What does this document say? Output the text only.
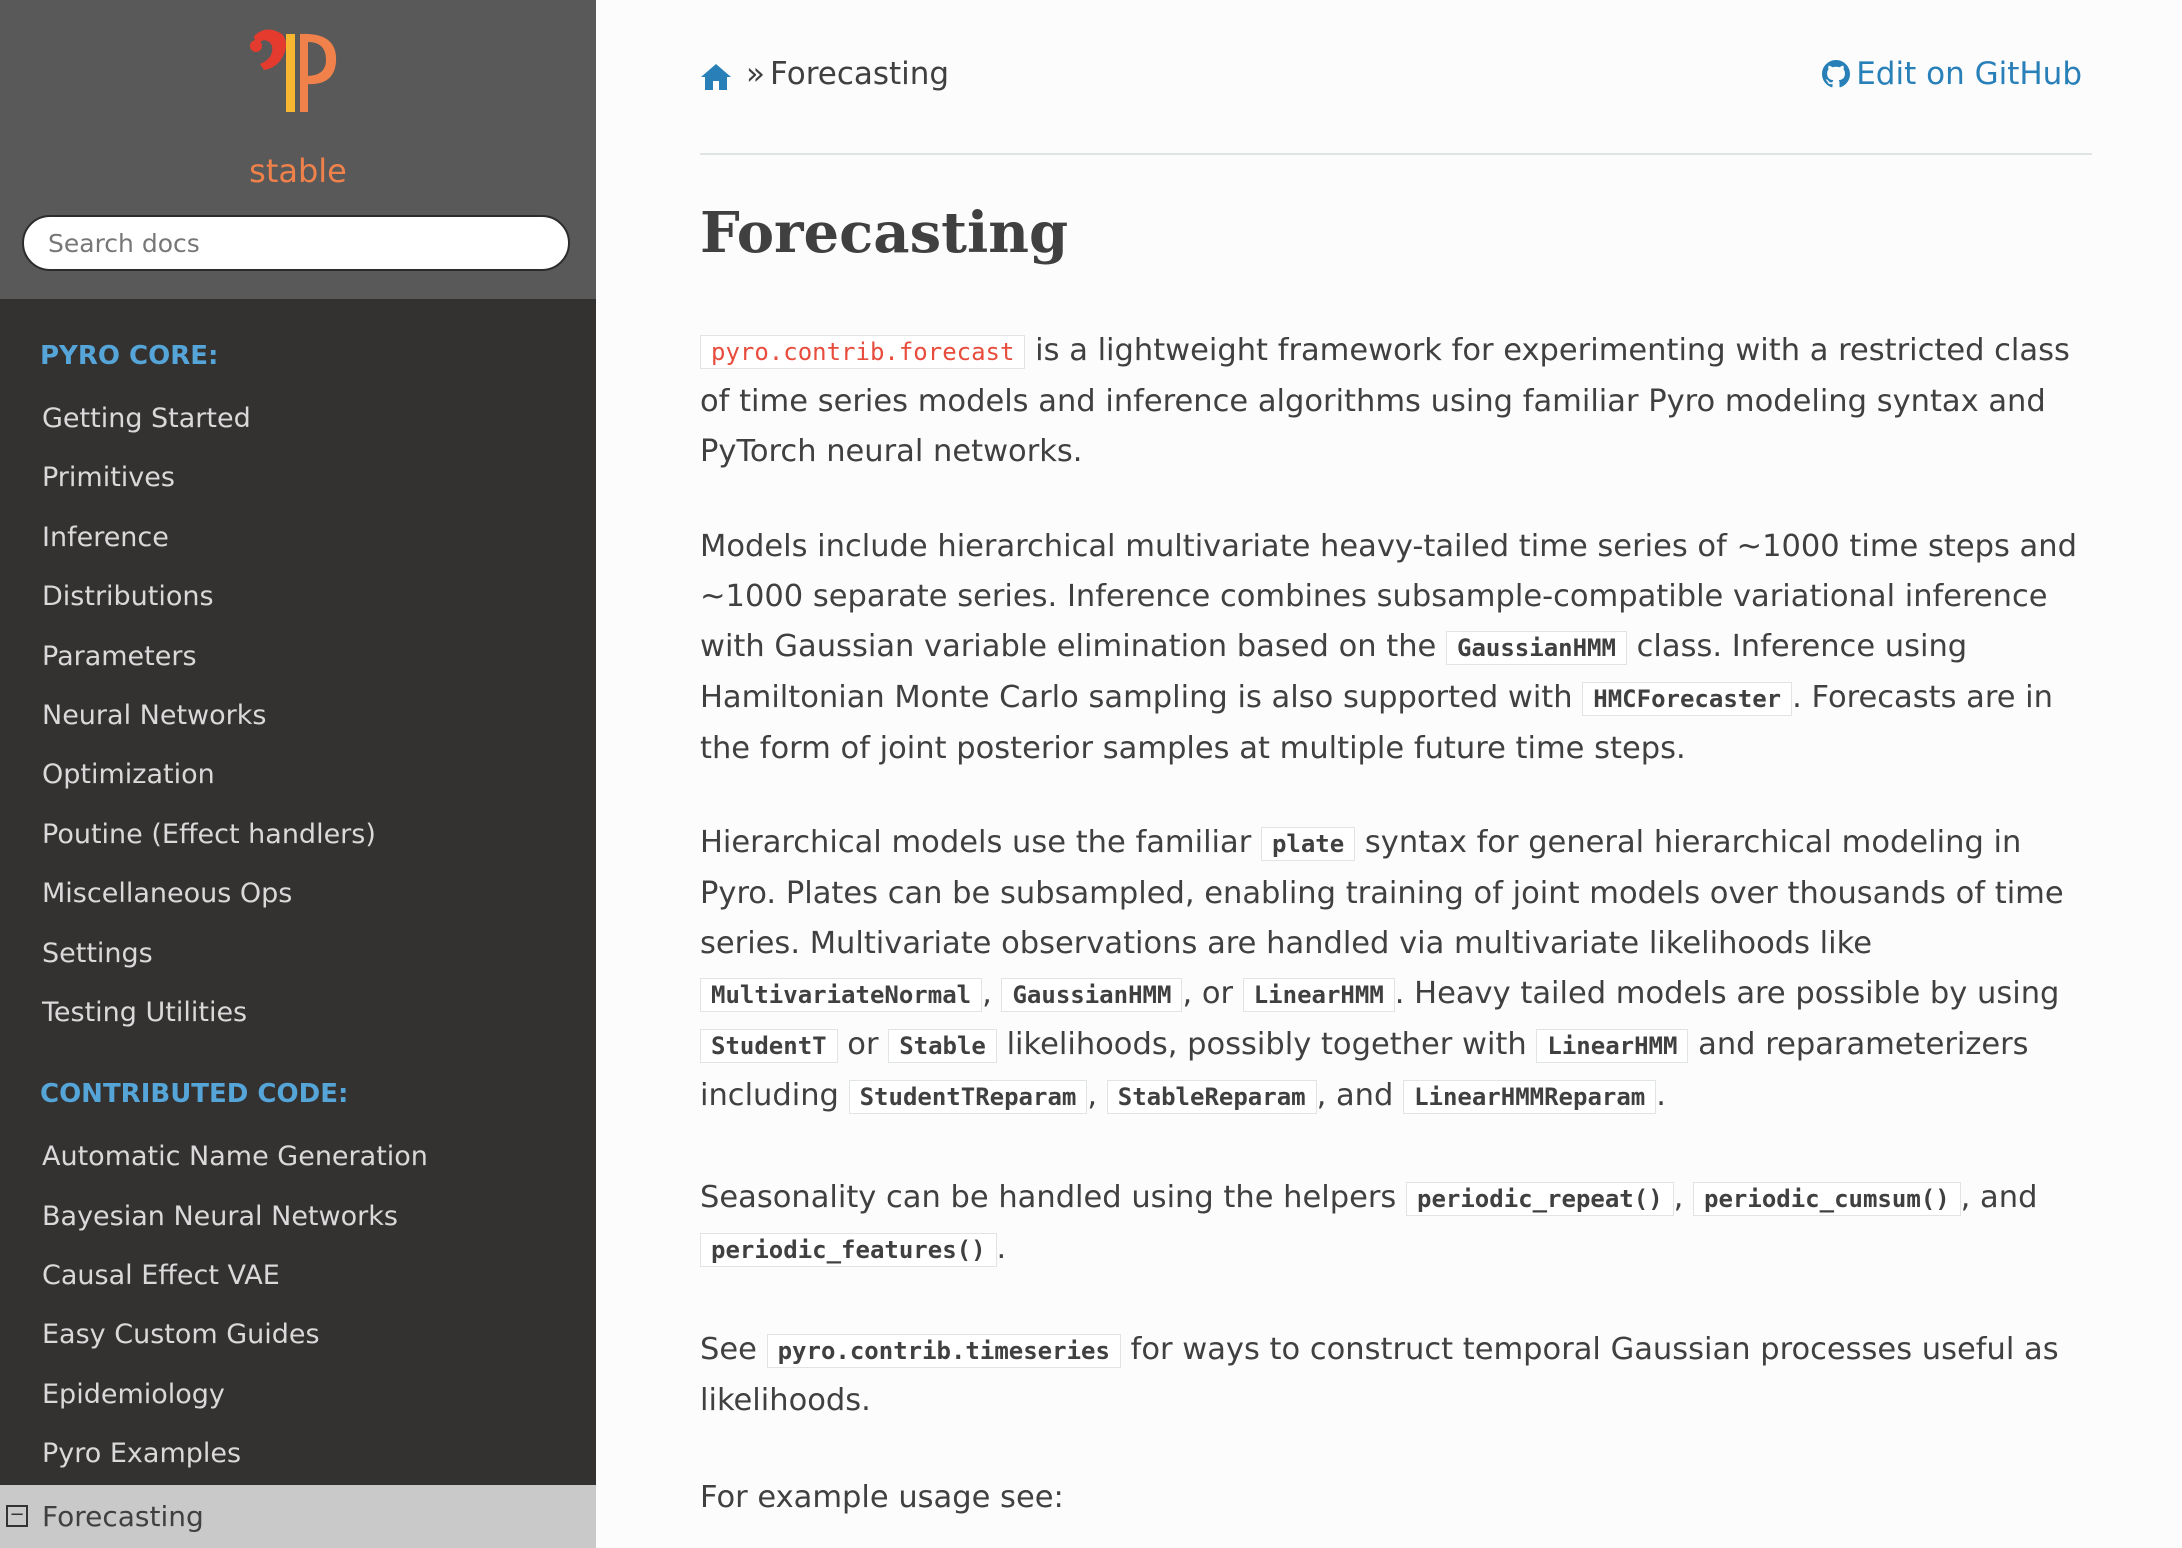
stable
Search docs
PYRO CORE:
Getting Started
Primitives
Inference
Distributions
Parameters
Neural Networks
Optimization
Poutine (Effect handlers)
Miscellaneous Ops
Settings
Testing Utilities
CONTRIBUTED CODE:
Automatic Name Generation
Bayesian Neural Networks
Causal Effect VAE
Easy Custom Guides
Epidemiology
Pyro Examples
− Forecasting
» Forecasting	Edit on GitHub
Forecasting

pyro.contrib.forecast is a lightweight framework for experimenting with a restricted class of time series models and inference algorithms using familiar Pyro modeling syntax and PyTorch neural networks.

Models include hierarchical multivariate heavy-tailed time series of ~1000 time steps and ~1000 separate series. Inference combines subsample-compatible variational inference with Gaussian variable elimination based on the GaussianHMM class. Inference using Hamiltonian Monte Carlo sampling is also supported with HMCForecaster . Forecasts are in the form of joint posterior samples at multiple future time steps.

Hierarchical models use the familiar plate syntax for general hierarchical modeling in Pyro. Plates can be subsampled, enabling training of joint models over thousands of time series. Multivariate observations are handled via multivariate likelihoods like MultivariateNormal , GaussianHMM , or LinearHMM . Heavy tailed models are possible by using StudentT or Stable likelihoods, possibly together with LinearHMM and reparameterizers including StudentTReparam , StableReparam , and LinearHMMReparam .

Seasonality can be handled using the helpers periodic_repeat() , periodic_cumsum() , and periodic_features() .

See pyro.contrib.timeseries for ways to construct temporal Gaussian processes useful as likelihoods.

For example usage see:
